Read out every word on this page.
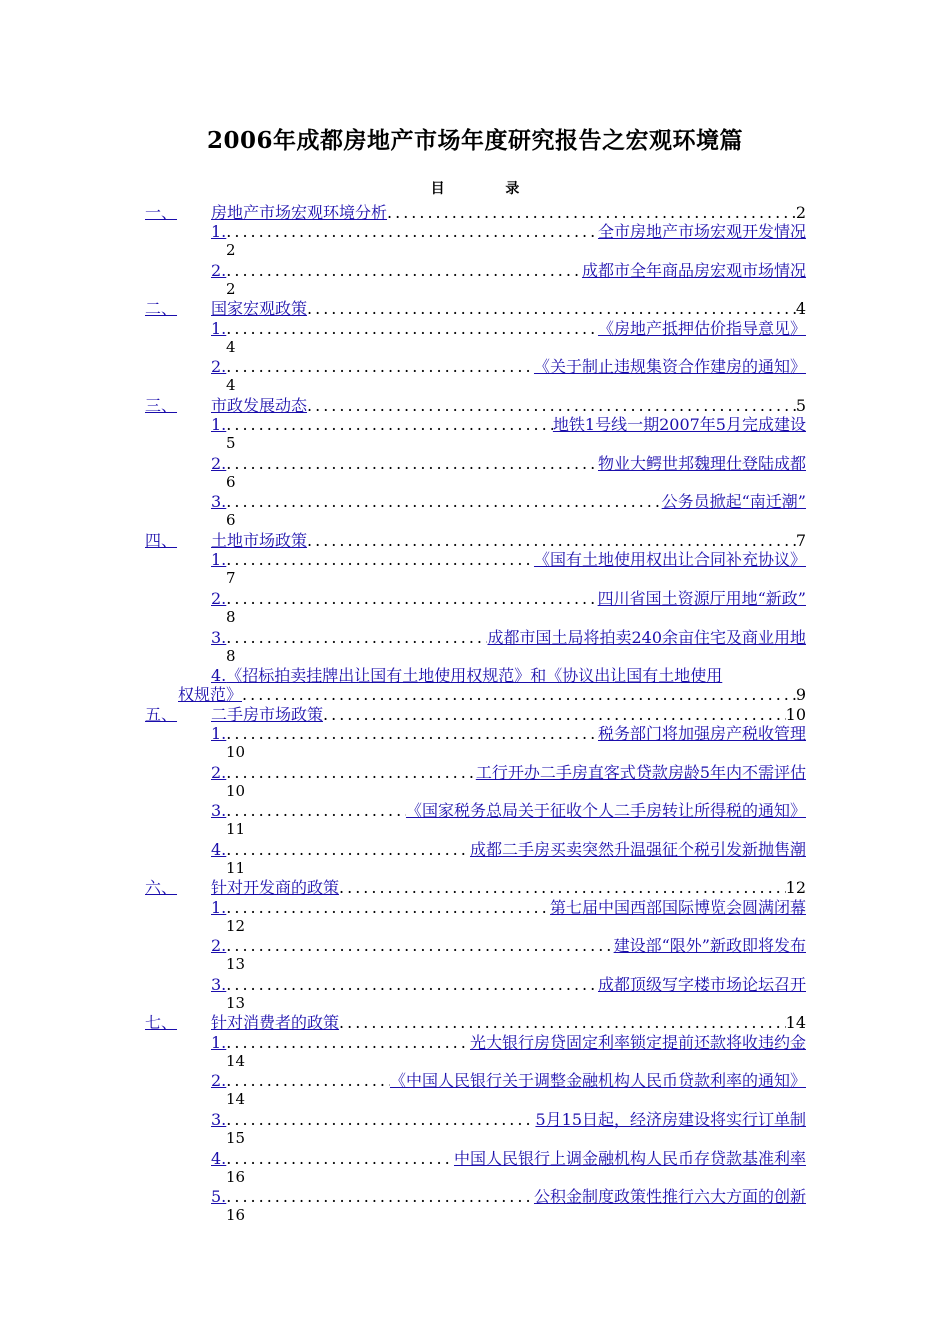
2006年成都房地产市场年度研究报告之宏观环境篇
目 录
一、	房地产市场宏观环境分析 .....	2
1. .....	全市房地产市场宏观开发情况
2
2. .....	成都市全年商品房宏观市场情况
2
二、	国家宏观政策 .....	4
1. .....	《房地产抵押估价指导意见》
4
2. .....	《关于制止违规集资合作建房的通知》
4
三、	市政发展动态 .....	5
1. .....	地铁1号线一期2007年5月完成建设
5
2. .....	物业大鳄世邦魏理仕登陆成都
6
3. .....	公务员掀起“南迁潮”
6
四、	土地市场政策 .....	7
1. .....	《国有土地使用权出让合同补充协议》
7
2. .....	四川省国土资源厅用地“新政”
8
3. .....	成都市国土局将拍卖240余亩住宅及商业用地
8
4.《招标拍卖挂牌出让国有土地使用权规范》和《协议出让国有土地使用
权规范》 .....	9
五、	二手房市场政策 .....	10
1. .....	税务部门将加强房产税收管理
10
2. .....	工行开办二手房直客式贷款房龄5年内不需评估
10
3. .....	《国家税务总局关于征收个人二手房转让所得税的通知》
11
4. .....	成都二手房买卖突然升温强征个税引发新抛售潮
11
六、	针对开发商的政策 .....	12
1. .....	第七届中国西部国际博览会圆满闭幕
12
2. .....	建设部“限外”新政即将发布
13
3. .....	成都顶级写字楼市场论坛召开
13
七、	针对消费者的政策 .....	14
1. .....	光大银行房贷固定利率锁定提前还款将收违约金
14
2. .....	《中国人民银行关于调整金融机构人民币贷款利率的通知》
14
3. .....	5月15日起，经济房建设将实行订单制
15
4. .....	中国人民银行上调金融机构人民币存贷款基准利率
16
5. .....	公积金制度政策性推行六大方面的创新
16
